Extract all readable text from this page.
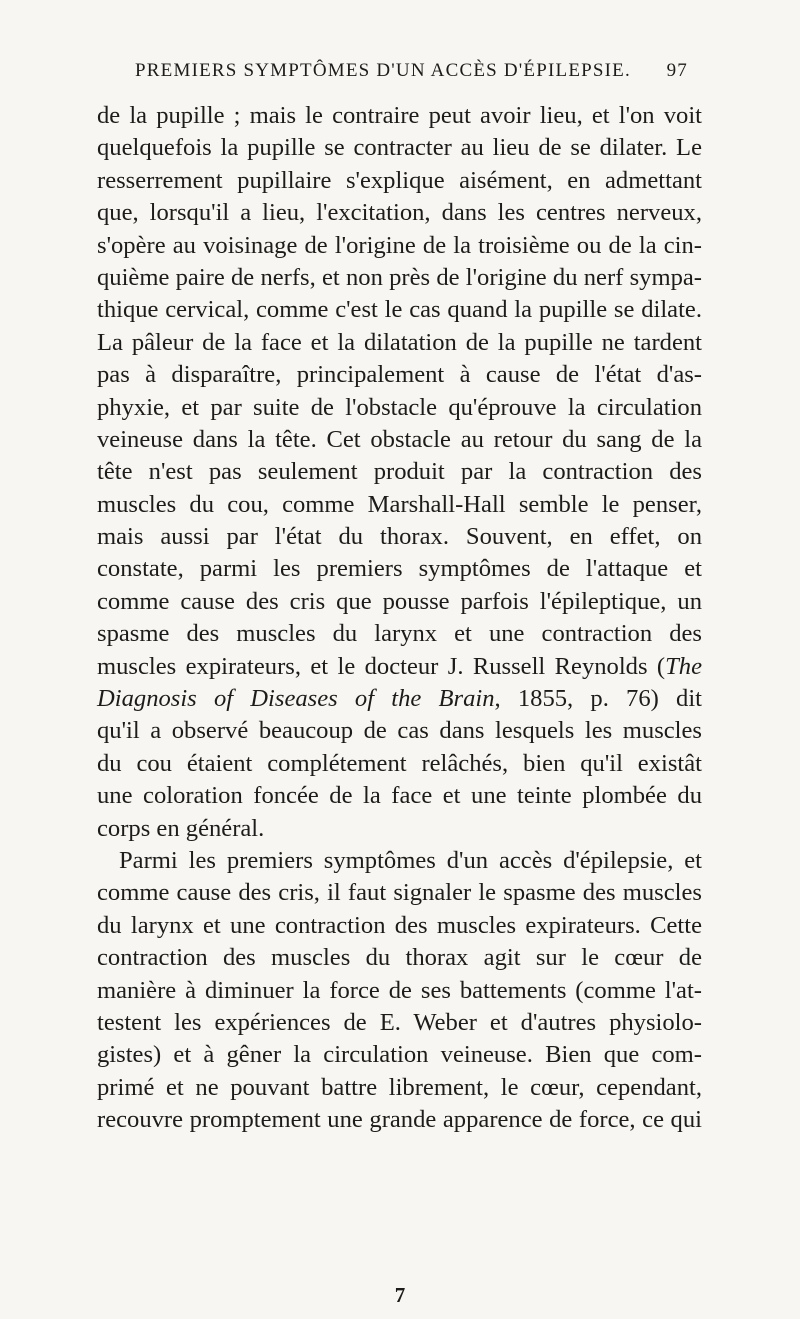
PREMIERS SYMPTÔMES D'UN ACCÈS D'ÉPILEPSIE.	97
de la pupille ; mais le contraire peut avoir lieu, et l'on voit
quelquefois la pupille se contracter au lieu de se dilater. Le
resserrement pupillaire s'explique aisément, en admettant
que, lorsqu'il a lieu, l'excitation, dans les centres nerveux,
s'opère au voisinage de l'origine de la troisième ou de la cin-
quième paire de nerfs, et non près de l'origine du nerf sympa-
thique cervical, comme c'est le cas quand la pupille se dilate.
La pâleur de la face et la dilatation de la pupille ne tardent
pas à disparaître, principalement à cause de l'état d'as-
phyxie, et par suite de l'obstacle qu'éprouve la circulation
veineuse dans la tête. Cet obstacle au retour du sang de la
tête n'est pas seulement produit par la contraction des
muscles du cou, comme Marshall-Hall semble le penser,
mais aussi par l'état du thorax. Souvent, en effet, on
constate, parmi les premiers symptômes de l'attaque et
comme cause des cris que pousse parfois l'épileptique, un
spasme des muscles du larynx et une contraction des
muscles expirateurs, et le docteur J. Russell Reynolds (The
Diagnosis of Diseases of the Brain, 1855, p. 76) dit
qu'il a observé beaucoup de cas dans lesquels les muscles
du cou étaient complétement relâchés, bien qu'il existât
une coloration foncée de la face et une teinte plombée du
corps en général.
Parmi les premiers symptômes d'un accès d'épilepsie, et
comme cause des cris, il faut signaler le spasme des muscles
du larynx et une contraction des muscles expirateurs. Cette
contraction des muscles du thorax agit sur le cœur de
manière à diminuer la force de ses battements (comme l'at-
testent les expériences de E. Weber et d'autres physiolo-
gistes) et à gêner la circulation veineuse. Bien que com-
primé et ne pouvant battre librement, le cœur, cependant,
recouvre promptement une grande apparence de force, ce qui
7
